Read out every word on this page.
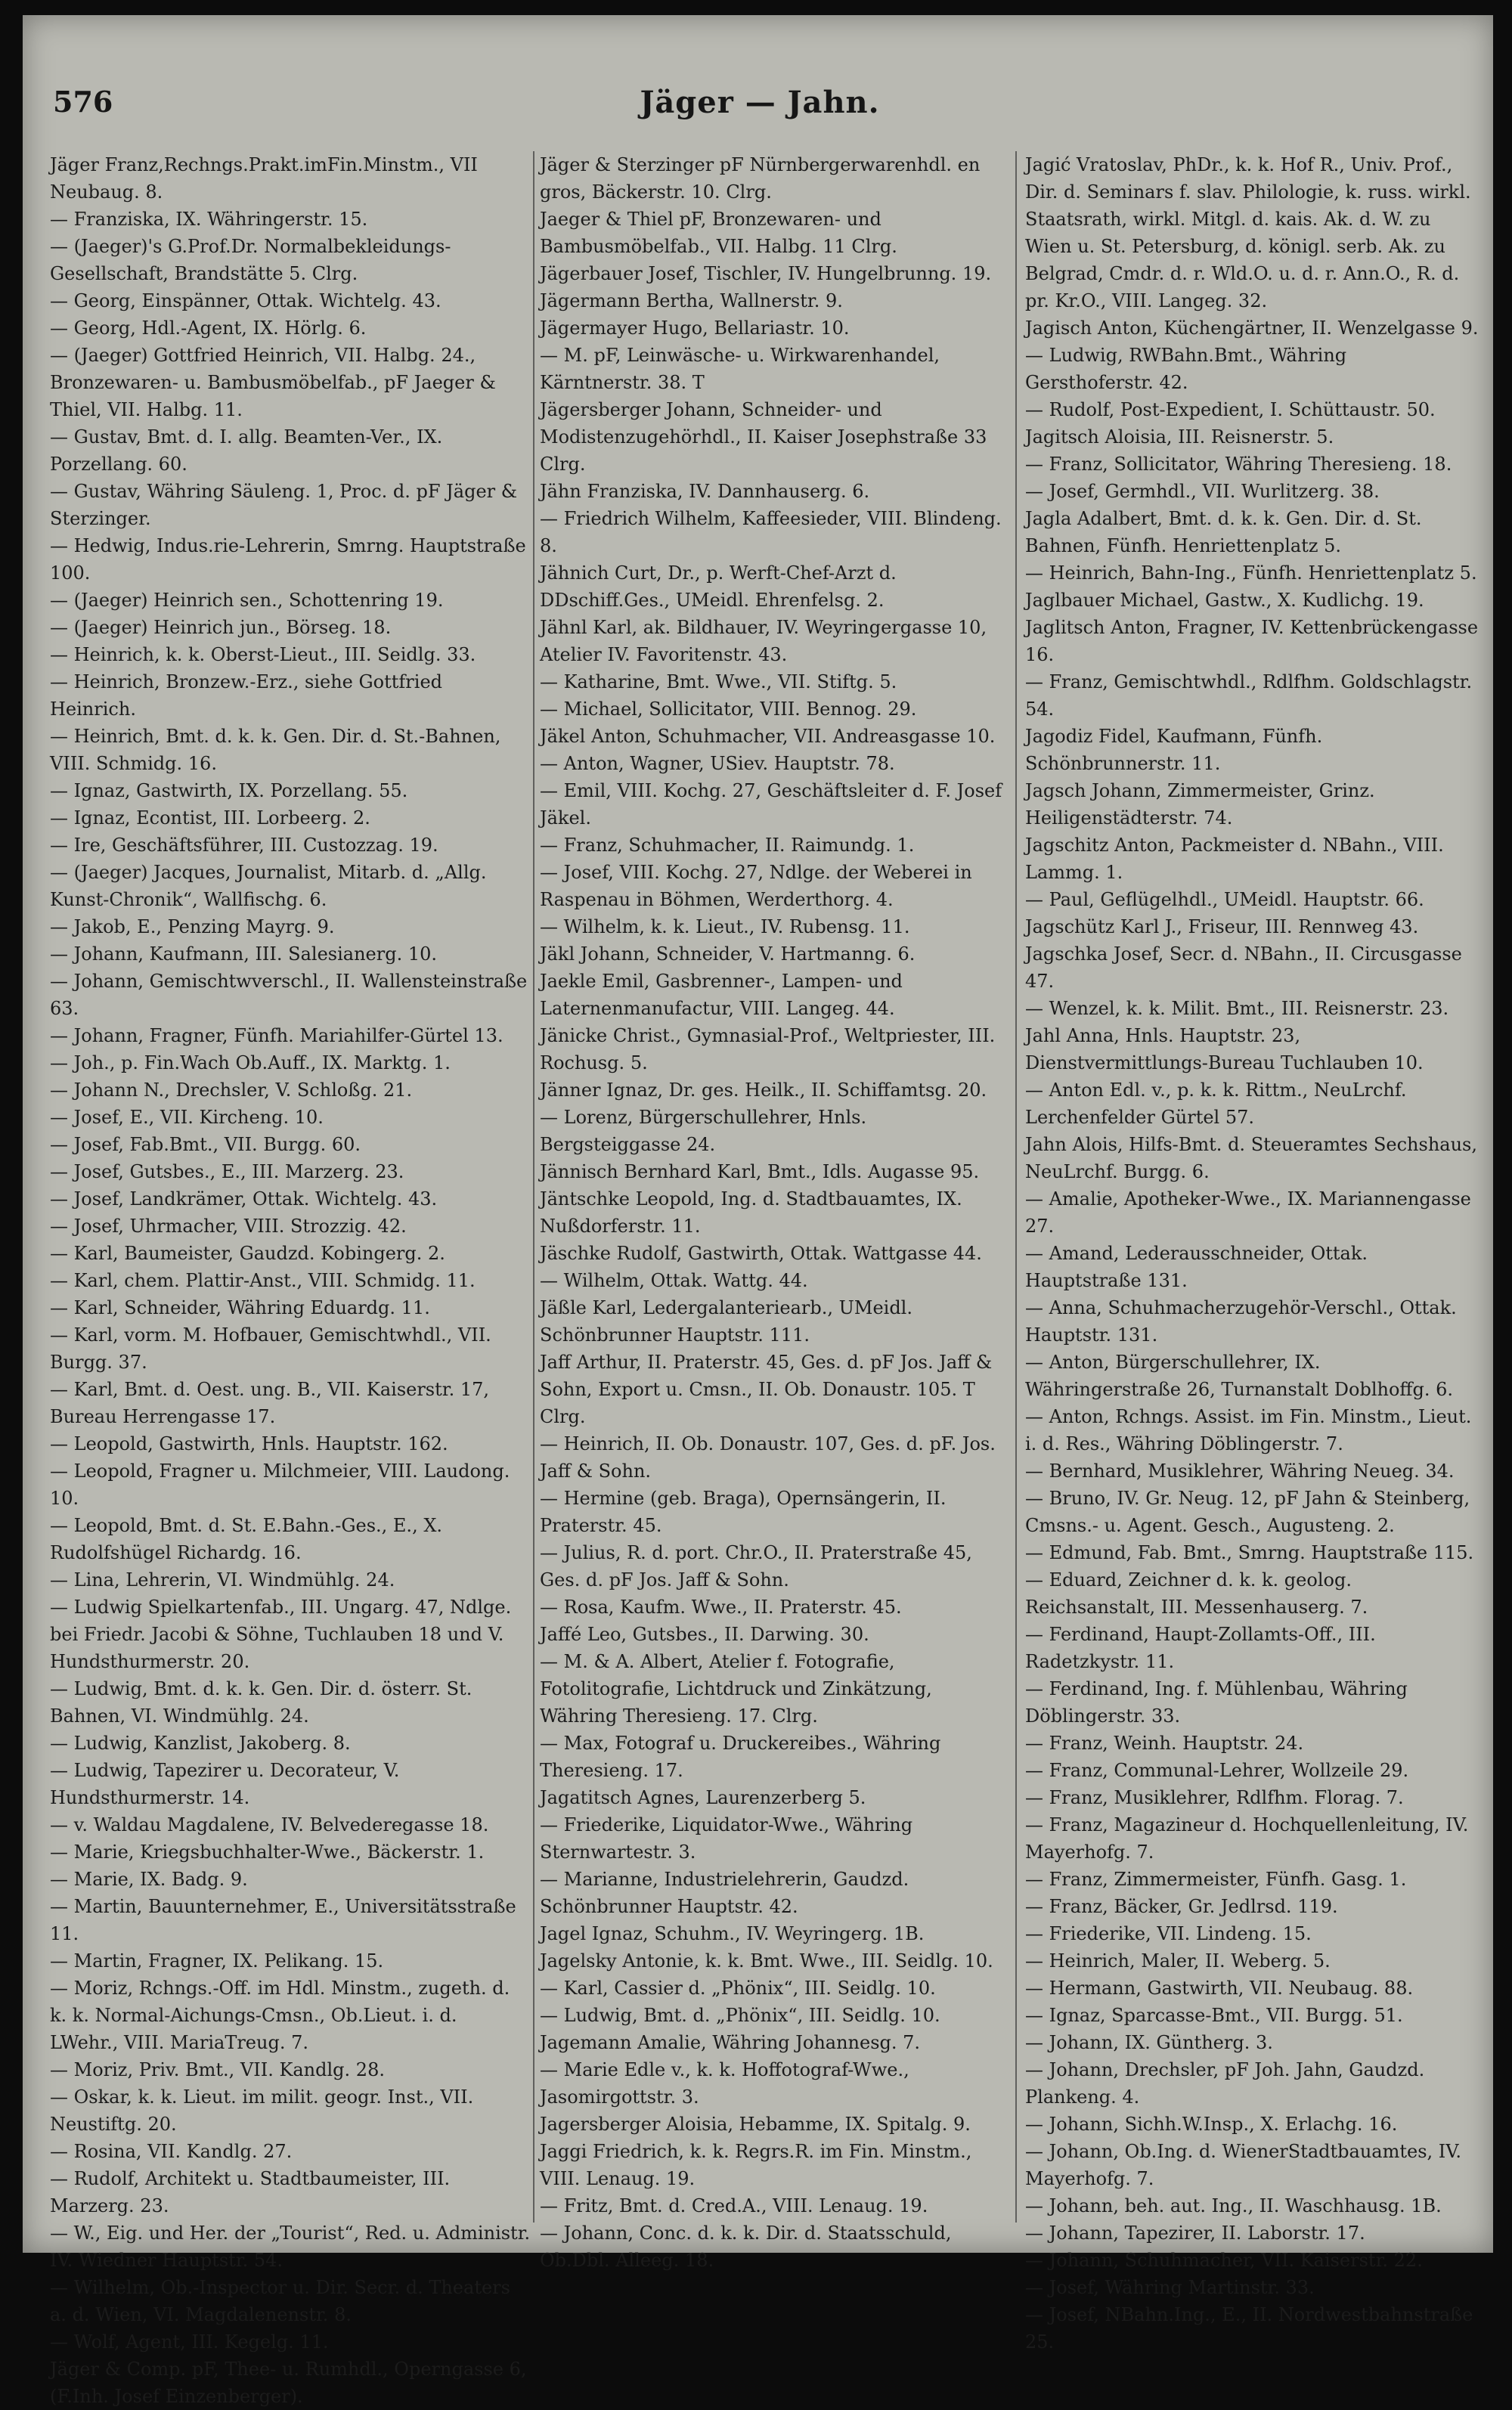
576	Jäger — Jahn.
Jäger Franz,Rechngs.Prakt.imFin.Minstm., VII Neubaug. 8.
— Franziska, IX. Währingerstr. 15.
— (Jaeger)'s G.Prof.Dr. Normalbekleidungs-Gesellschaft, Brandstätte 5. Clrg.
— Georg, Einspänner, Ottak. Wichtelg. 43.
— Georg, Hdl.-Agent, IX. Hörlg. 6.
— (Jaeger) Gottfried Heinrich, VII. Halbg. 24., Bronzewaren- u. Bambusmöbelfab., pF Jaeger & Thiel, VII. Halbg. 11.
— Gustav, Bmt. d. I. allg. Beamten-Ver., IX. Porzellang. 60.
— Gustav, Währing Säuleng. 1, Proc. d. pF Jäger & Sterzinger.
— Hedwig, Indus.rie-Lehrerin, Smrng. Hauptstraße 100.
— (Jaeger) Heinrich sen., Schottenring 19.
— (Jaeger) Heinrich jun., Börseg. 18.
— Heinrich, k. k. Oberst-Lieut., III. Seidlg. 33.
— Heinrich, Bronzew.-Erz., siehe Gottfried Heinrich.
— Heinrich, Bmt. d. k. k. Gen. Dir. d. St.-Bahnen, VIII. Schmidg. 16.
— Ignaz, Gastwirth, IX. Porzellang. 55.
— Ignaz, Econtist, III. Lorbeerg. 2.
— Ire, Geschäftsführer, III. Custozzag. 19.
— (Jaeger) Jacques, Journalist, Mitarb. d. „Allg. Kunst-Chronik“, Wallfischg. 6.
— Jakob, E., Penzing Mayrg. 9.
— Johann, Kaufmann, III. Salesianerg. 10.
— Johann, Gemischtwverschl., II. Wallensteinstraße 63.
— Johann, Fragner, Fünfh. Mariahilfer-Gürtel 13.
— Joh., p. Fin.Wach Ob.Auff., IX. Marktg. 1.
— Johann N., Drechsler, V. Schloßg. 21.
— Josef, E., VII. Kircheng. 10.
— Josef, Fab.Bmt., VII. Burgg. 60.
— Josef, Gutsbes., E., III. Marzerg. 23.
— Josef, Landkrämer, Ottak. Wichtelg. 43.
— Josef, Uhrmacher, VIII. Strozzig. 42.
— Karl, Baumeister, Gaudzd. Kobingerg. 2.
— Karl, chem. Plattir-Anst., VIII. Schmidg. 11.
— Karl, Schneider, Währing Eduardg. 11.
— Karl, vorm. M. Hofbauer, Gemischtwhdl., VII. Burgg. 37.
— Karl, Bmt. d. Oest. ung. B., VII. Kaiserstr. 17, Bureau Herrengasse 17.
— Leopold, Gastwirth, Hnls. Hauptstr. 162.
— Leopold, Fragner u. Milchmeier, VIII. Laudong. 10.
— Leopold, Bmt. d. St. E.Bahn.-Ges., E., X. Rudolfshügel Richardg. 16.
— Lina, Lehrerin, VI. Windmühlg. 24.
— Ludwig Spielkartenfab., III. Ungarg. 47, Ndlge. bei Friedr. Jacobi & Söhne, Tuchlauben 18 und V. Hundsthurmerstr. 20.
— Ludwig, Bmt. d. k. k. Gen. Dir. d. österr. St. Bahnen, VI. Windmühlg. 24.
— Ludwig, Kanzlist, Jakoberg. 8.
— Ludwig, Tapezirer u. Decorateur, V. Hundsthurmerstr. 14.
— v. Waldau Magdalene, IV. Belvederegasse 18.
— Marie, Kriegsbuchhalter-Wwe., Bäckerstr. 1.
— Marie, IX. Badg. 9.
— Martin, Bauunternehmer, E., Universitätsstraße 11.
— Martin, Fragner, IX. Pelikang. 15.
— Moriz, Rchngs.-Off. im Hdl. Minstm., zugeth. d. k. k. Normal-Aichungs-Cmsn., Ob.Lieut. i. d. LWehr., VIII. MariaTreug. 7.
— Moriz, Priv. Bmt., VII. Kandlg. 28.
— Oskar, k. k. Lieut. im milit. geogr. Inst., VII. Neustiftg. 20.
— Rosina, VII. Kandlg. 27.
— Rudolf, Architekt u. Stadtbaumeister, III. Marzerg. 23.
— W., Eig. und Her. der „Tourist“, Red. u. Administr. IV. Wiedner Hauptstr. 54.
— Wilhelm, Ob.-Inspector u. Dir. Secr. d. Theaters a. d. Wien, VI. Magdalenenstr. 8.
— Wolf, Agent, III. Kegelg. 11.
Jäger & Comp. pF, Thee- u. Rumhdl., Operngasse 6, (F.Inh. Josef Einzenberger).
Jäger & Sterzinger pF Nürnbergerwarenhdl. en gros, Bäckerstr. 10. Clrg.
Jaeger & Thiel pF, Bronzewaren- und Bambusmöbelfab., VII. Halbg. 11 Clrg.
Jägerbauer Josef, Tischler, IV. Hungelbrunng. 19.
Jägermann Bertha, Wallnerstr. 9.
Jägermayer Hugo, Bellariastr. 10.
— M. pF, Leinwäsche- u. Wirkwarenhandel, Kärntnerstr. 38. T
Jägersberger Johann, Schneider- und Modistenzugehörhdl., II. Kaiser Josephstraße 33 Clrg.
Jähn Franziska, IV. Dannhauserg. 6.
— Friedrich Wilhelm, Kaffeesieder, VIII. Blindeng. 8.
Jähnich Curt, Dr., p. Werft-Chef-Arzt d. DDschiff.Ges., UMeidl. Ehrenfelsg. 2.
Jähnl Karl, ak. Bildhauer, IV. Weyringergasse 10, Atelier IV. Favoritenstr. 43.
— Katharine, Bmt. Wwe., VII. Stiftg. 5.
— Michael, Sollicitator, VIII. Bennog. 29.
Jäkel Anton, Schuhmacher, VII. Andreasgasse 10.
— Anton, Wagner, USiev. Hauptstr. 78.
— Emil, VIII. Kochg. 27, Geschäftsleiter d. F. Josef Jäkel.
— Franz, Schuhmacher, II. Raimundg. 1.
— Josef, VIII. Kochg. 27, Ndlge. der Weberei in Raspenau in Böhmen, Werderthorg. 4.
— Wilhelm, k. k. Lieut., IV. Rubensg. 11.
Jäkl Johann, Schneider, V. Hartmanng. 6.
Jaekle Emil, Gasbrenner-, Lampen- und Laternenmanufactur, VIII. Langeg. 44.
Jänicke Christ., Gymnasial-Prof., Weltpriester, III. Rochusg. 5.
Jänner Ignaz, Dr. ges. Heilk., II. Schiffamtsg. 20.
— Lorenz, Bürgerschullehrer, Hnls. Bergsteiggasse 24.
Jännisch Bernhard Karl, Bmt., Idls. Augasse 95.
Jäntschke Leopold, Ing. d. Stadtbauamtes, IX. Nußdorferstr. 11.
Jäschke Rudolf, Gastwirth, Ottak. Wattgasse 44.
— Wilhelm, Ottak. Wattg. 44.
Jäßle Karl, Ledergalanteriearb., UMeidl. Schönbrunner Hauptstr. 111.
Jaff Arthur, II. Praterstr. 45, Ges. d. pF Jos. Jaff & Sohn, Export u. Cmsn., II. Ob. Donaustr. 105. T Clrg.
— Heinrich, II. Ob. Donaustr. 107, Ges. d. pF. Jos. Jaff & Sohn.
— Hermine (geb. Braga), Opernsängerin, II. Praterstr. 45.
— Julius, R. d. port. Chr.O., II. Praterstraße 45, Ges. d. pF Jos. Jaff & Sohn.
— Rosa, Kaufm. Wwe., II. Praterstr. 45.
Jaffé Leo, Gutsbes., II. Darwing. 30.
— M. & A. Albert, Atelier f. Fotografie, Fotolitografie, Lichtdruck und Zinkätzung, Währing Theresieng. 17. Clrg.
— Max, Fotograf u. Druckereibes., Währing Theresieng. 17.
Jagatitsch Agnes, Laurenzerberg 5.
— Friederike, Liquidator-Wwe., Währing Sternwartestr. 3.
— Marianne, Industrielehrerin, Gaudzd. Schönbrunner Hauptstr. 42.
Jagel Ignaz, Schuhm., IV. Weyringerg. 1B.
Jagelsky Antonie, k. k. Bmt. Wwe., III. Seidlg. 10.
— Karl, Cassier d. „Phönix“, III. Seidlg. 10.
— Ludwig, Bmt. d. „Phönix“, III. Seidlg. 10.
Jagemann Amalie, Währing Johannesg. 7.
— Marie Edle v., k. k. Hoffotograf-Wwe., Jasomirgottstr. 3.
Jagersberger Aloisia, Hebamme, IX. Spitalg. 9.
Jaggi Friedrich, k. k. Regrs.R. im Fin. Minstm., VIII. Lenaug. 19.
— Fritz, Bmt. d. Cred.A., VIII. Lenaug. 19.
— Johann, Conc. d. k. k. Dir. d. Staatsschuld, Ob.Dbl. Alleeg. 18.
Jagić Vratoslav, PhDr., k. k. Hof R., Univ. Prof., Dir. d. Seminars f. slav. Philologie, k. russ. wirkl. Staatsrath, wirkl. Mitgl. d. kais. Ak. d. W. zu Wien u. St. Petersburg, d. königl. serb. Ak. zu Belgrad, Cmdr. d. r. Wld.O. u. d. r. Ann.O., R. d. pr. Kr.O., VIII. Langeg. 32.
Jagisch Anton, Küchengärtner, II. Wenzelgasse 9.
— Ludwig, RWBahn.Bmt., Währing Gersthoferstr. 42.
— Rudolf, Post-Expedient, I. Schüttaustr. 50.
Jagitsch Aloisia, III. Reisnerstr. 5.
— Franz, Sollicitator, Währing Theresieng. 18.
— Josef, Germhdl., VII. Wurlitzerg. 38.
Jagla Adalbert, Bmt. d. k. k. Gen. Dir. d. St. Bahnen, Fünfh. Henriettenplatz 5.
— Heinrich, Bahn-Ing., Fünfh. Henriettenplatz 5.
Jaglbauer Michael, Gastw., X. Kudlichg. 19.
Jaglitsch Anton, Fragner, IV. Kettenbrückengasse 16.
— Franz, Gemischtwhdl., Rdlfhm. Goldschlagstr. 54.
Jagodiz Fidel, Kaufmann, Fünfh. Schönbrunnerstr. 11.
Jagsch Johann, Zimmermeister, Grinz. Heiligenstädterstr. 74.
Jagschitz Anton, Packmeister d. NBahn., VIII. Lammg. 1.
— Paul, Geflügelhdl., UMeidl. Hauptstr. 66.
Jagschütz Karl J., Friseur, III. Rennweg 43.
Jagschka Josef, Secr. d. NBahn., II. Circusgasse 47.
— Wenzel, k. k. Milit. Bmt., III. Reisnerstr. 23.
Jahl Anna, Hnls. Hauptstr. 23, Dienstvermittlungs-Bureau Tuchlauben 10.
— Anton Edl. v., p. k. k. Rittm., NeuLrchf. Lerchenfelder Gürtel 57.
Jahn Alois, Hilfs-Bmt. d. Steueramtes Sechshaus, NeuLrchf. Burgg. 6.
— Amalie, Apotheker-Wwe., IX. Mariannengasse 27.
— Amand, Lederausschneider, Ottak. Hauptstraße 131.
— Anna, Schuhmacherzugehör-Verschl., Ottak. Hauptstr. 131.
— Anton, Bürgerschullehrer, IX. Währingerstraße 26, Turnanstalt Doblhoffg. 6.
— Anton, Rchngs. Assist. im Fin. Minstm., Lieut. i. d. Res., Währing Döblingerstr. 7.
— Bernhard, Musiklehrer, Währing Neueg. 34.
— Bruno, IV. Gr. Neug. 12, pF Jahn & Steinberg, Cmsns.- u. Agent. Gesch., Augusteng. 2.
— Edmund, Fab. Bmt., Smrng. Hauptstraße 115.
— Eduard, Zeichner d. k. k. geolog. Reichsanstalt, III. Messenhauserg. 7.
— Ferdinand, Haupt-Zollamts-Off., III. Radetzkystr. 11.
— Ferdinand, Ing. f. Mühlenbau, Währing Döblingerstr. 33.
— Franz, Weinh. Hauptstr. 24.
— Franz, Communal-Lehrer, Wollzeile 29.
— Franz, Musiklehrer, Rdlfhm. Florag. 7.
— Franz, Magazineur d. Hochquellenleitung, IV. Mayerhofg. 7.
— Franz, Zimmermeister, Fünfh. Gasg. 1.
— Franz, Bäcker, Gr. Jedlrsd. 119.
— Friederike, VII. Lindeng. 15.
— Heinrich, Maler, II. Weberg. 5.
— Hermann, Gastwirth, VII. Neubaug. 88.
— Ignaz, Sparcasse-Bmt., VII. Burgg. 51.
— Johann, IX. Güntherg. 3.
— Johann, Drechsler, pF Joh. Jahn, Gaudzd. Plankeng. 4.
— Johann, Sichh.W.Insp., X. Erlachg. 16.
— Johann, Ob.Ing. d. WienerStadtbauamtes, IV. Mayerhofg. 7.
— Johann, beh. aut. Ing., II. Waschhausg. 1B.
— Johann, Tapezirer, II. Laborstr. 17.
— Johann, Schuhmacher, VII. Kaiserstr. 22.
— Josef, Währing Martinstr. 33.
— Josef, NBahn.Ing., E., II. Nordwestbahnstraße 25.
